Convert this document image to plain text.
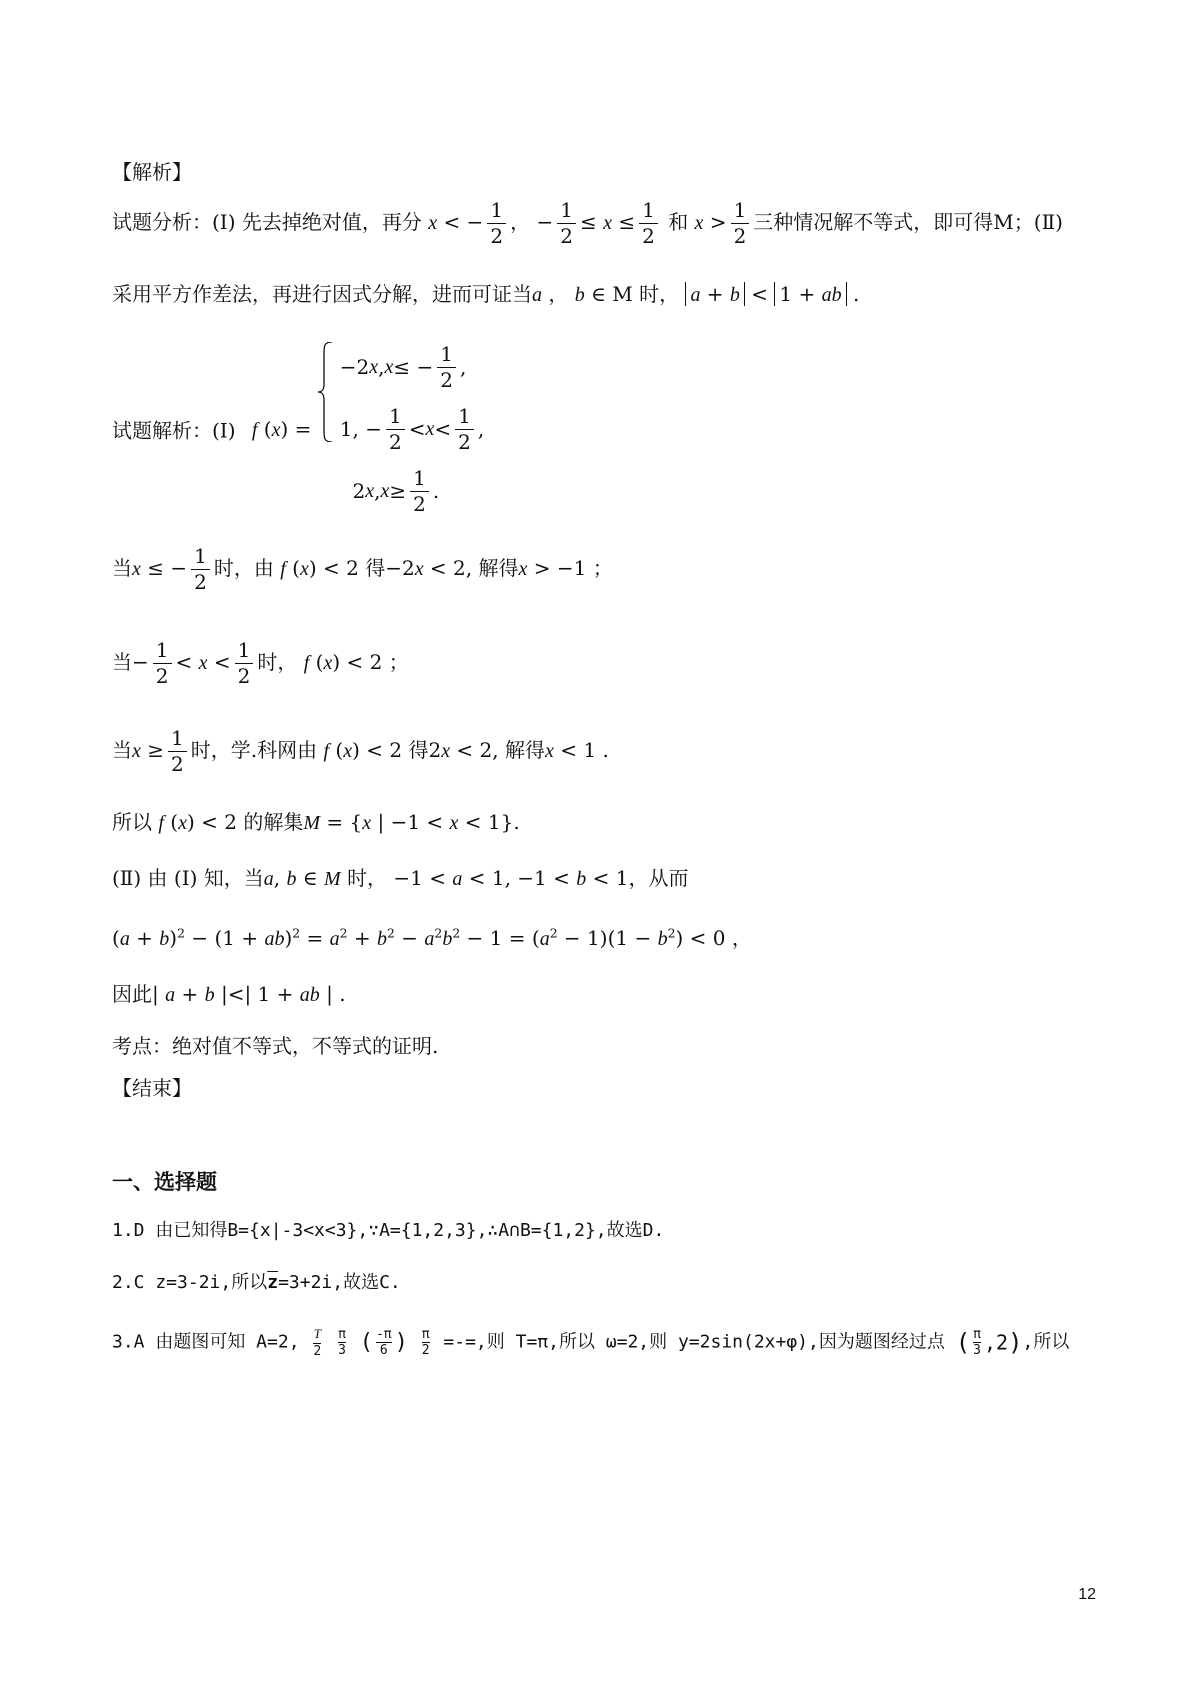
【解析】
试题分析：(Ⅰ) 先去掉绝对值，再分 x < − $\frac{1}{2}$ ， − $\frac{1}{2} \le x \le \frac{1}{2}$ 和 $x > \frac{1}{2}$ 三种情况解不等式，即可得M；(Ⅱ)
采用平方作差法，再进行因式分解，进而可证当a ， b ∈ M 时， a + b < 1 + ab .
试题解析：(Ⅰ) f (x) =
−2 x , x ≤ − $\frac{1}{2}$ ,
1, − $\frac{1}{2} < x < \frac{1}{2}$ ,
2 x , $x \ge \frac{1}{2}$ .
当x ≤ − $\frac{1}{2}$ 时，由 f (x) < 2 得−2x < 2, 解得x > −1 ；
当− $\frac{1}{2} < x < \frac{1}{2}$ 时， f (x) < 2 ；
当$x \ge \frac{1}{2}$ 时，学.科网由 f (x) < 2 得2x < 2, 解得x < 1 .
所以 f (x) < 2 的解集M = {x | −1 < x < 1}.
(Ⅱ) 由 (Ⅰ) 知，当a, b ∈ M 时， −1 < a < 1, −1 < b < 1，从而
$(a + b)^2 - (1 + ab)^2 = a^2 + b^2 - a^2b^2 - 1 = (a^2 - 1)(1 - b^2) < 0$ ，
因此| a + b |<| 1 + ab | .
考点：绝对值不等式，不等式的证明.
【结束】
一、选择题
1.D 由已知得B={x|-3<x<3},∵A={1,2,3},∴A∩B={1,2},故选D.
2.C z=3-2i,所以$\overline{z}=3+2i$,故选C.
3.A 由题图可知 A=2, $\frac{T}{2}$
$\frac{\pi}{3}$ ( $\frac{-\pi}{6}$ ) $\frac{\pi}{2}$ =-=,则 T=π,所以 ω=2,则 y=2sin(2x+φ),因为题图经过点 ( $\frac{\pi}{3} ,2$),所以
12
